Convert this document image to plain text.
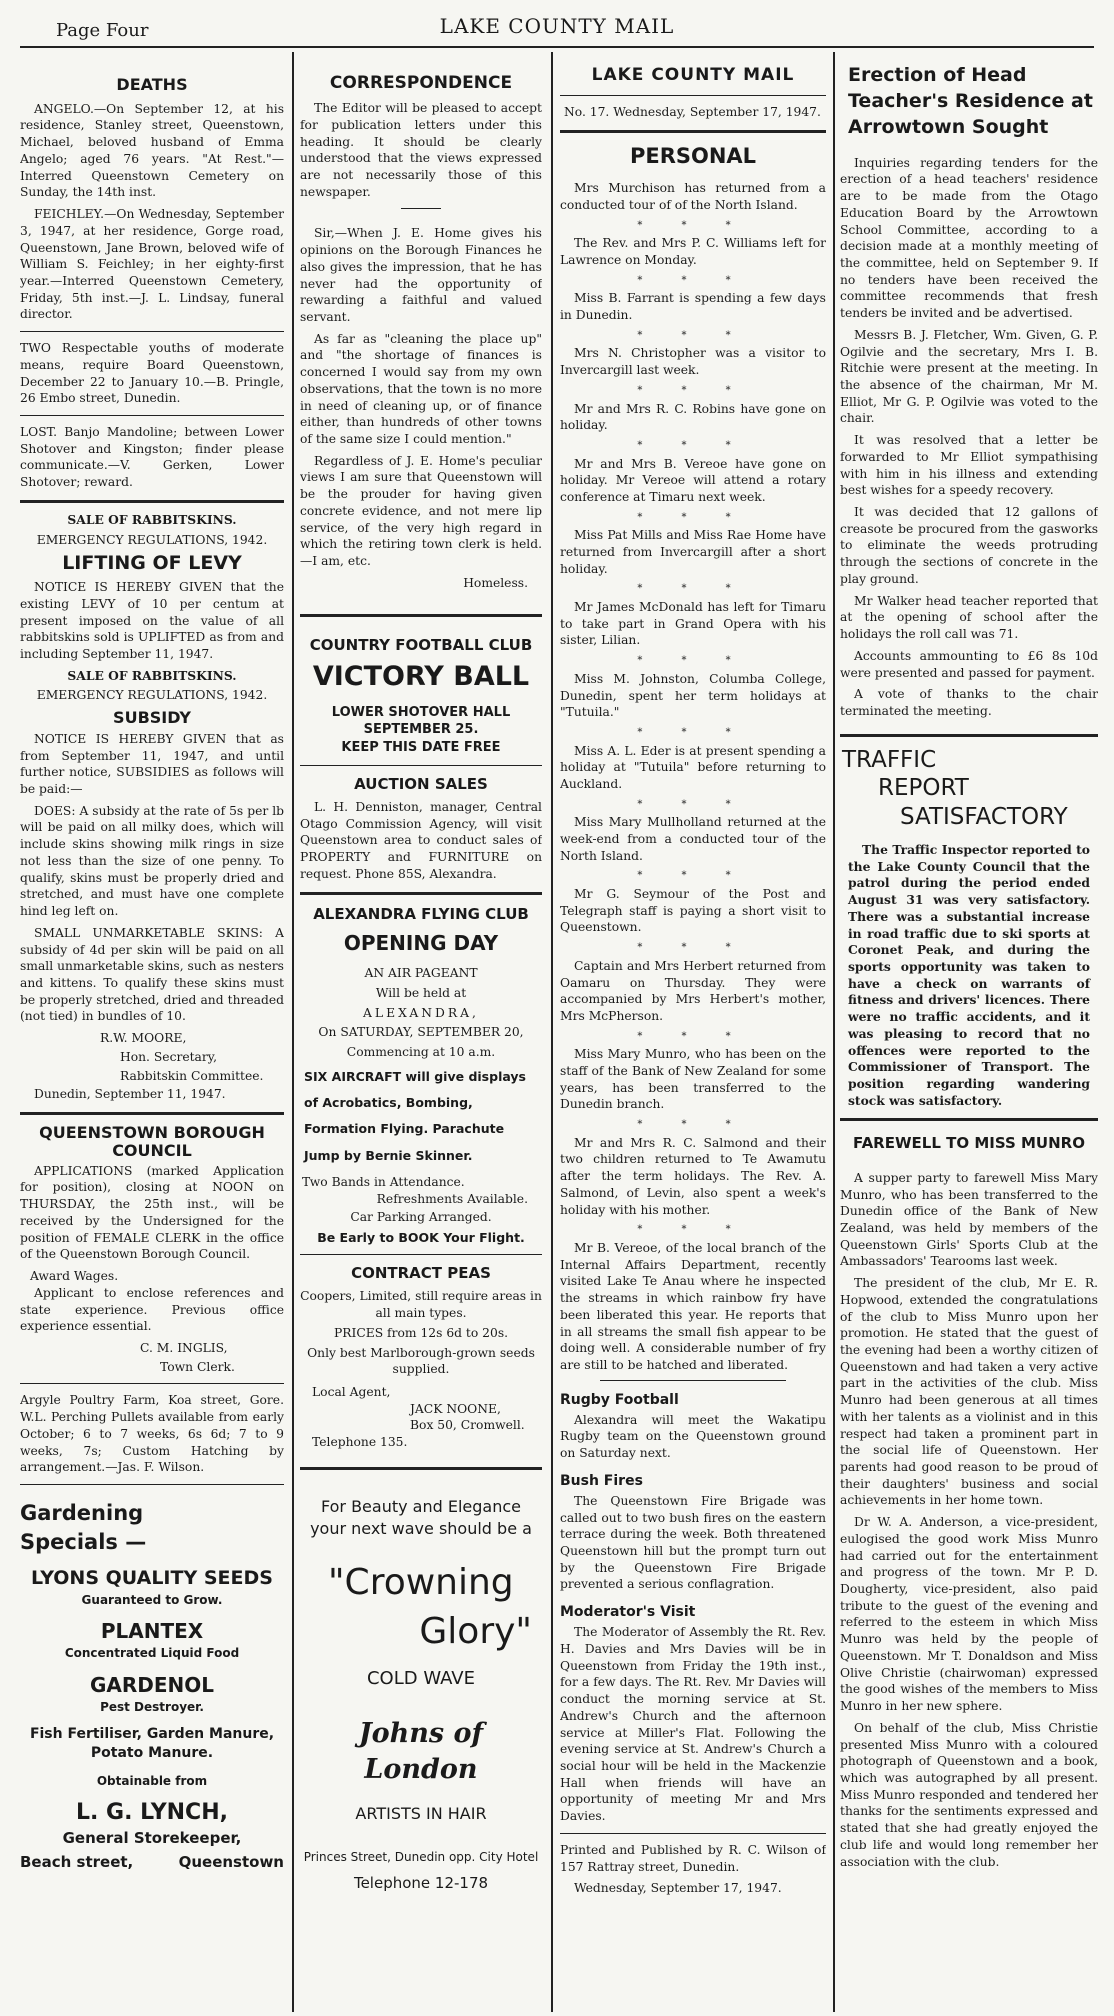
Page Four	LAKE COUNTY MAIL
DEATHS

ANGELO.—On September 12, at his residence, Stanley street, Queenstown, Michael, beloved husband of Emma Angelo; aged 76 years. "At Rest."—Interred Queenstown Cemetery on Sunday, the 14th inst.

FEICHLEY.—On Wednesday, September 3, 1947, at her residence, Gorge road, Queenstown, Jane Brown, beloved wife of William S. Feichley; in her eighty-first year.—Interred Queenstown Cemetery, Friday, 5th inst.—J. L. Lindsay, funeral director.

TWO Respectable youths of moderate means, require Board Queenstown, December 22 to January 10.—B. Pringle, 26 Embo street, Dunedin.

LOST. Banjo Mandoline; between Lower Shotover and Kingston; finder please communicate.—V. Gerken, Lower Shotover; reward.

SALE OF RABBITSKINS.
EMERGENCY REGULATIONS, 1942.
LIFTING OF LEVY

NOTICE IS HEREBY GIVEN that the existing LEVY of 10 per centum at present imposed on the value of all rabbitskins sold is UPLIFTED as from and including September 11, 1947.

SALE OF RABBITSKINS.
EMERGENCY REGULATIONS, 1942.
SUBSIDY

NOTICE IS HEREBY GIVEN that as from September 11, 1947, and until further notice, SUBSIDIES as follows will be paid:—

DOES: A subsidy at the rate of 5s per lb will be paid on all milky does, which will include skins showing milk rings in size not less than the size of one penny. To qualify, skins must be properly dried and stretched, and must have one complete hind leg left on.

SMALL UNMARKETABLE SKINS: A subsidy of 4d per skin will be paid on all small unmarketable skins, such as nesters and kittens. To qualify these skins must be properly stretched, dried and threaded (not tied) in bundles of 10.

R.W. MOORE,
Hon. Secretary,
Rabbitskin Committee.
Dunedin, September 11, 1947.
QUEENSTOWN BOROUGH COUNCIL

APPLICATIONS (marked Application for position), closing at NOON on THURSDAY, the 25th inst., will be received by the Undersigned for the position of FEMALE CLERK in the office of the Queenstown Borough Council.

Award Wages.

Applicant to enclose references and state experience. Previous office experience essential.

C. M. INGLIS,
Town Clerk.

Argyle Poultry Farm, Koa street, Gore. W.L. Perching Pullets available from early October; 6 to 7 weeks, 6s 6d; 7 to 9 weeks, 7s; Custom Hatching by arrangement.—Jas. F. Wilson.

Gardening
Specials —
LYONS QUALITY SEEDS
Guaranteed to Grow.
PLANTEX
Concentrated Liquid Food
GARDENOL
Pest Destroyer.
Fish Fertiliser, Garden Manure, Potato Manure.
Obtainable from
L. G. LYNCH,
General Storekeeper,
Beach street,	Queenstown
CORRESPONDENCE

The Editor will be pleased to accept for publication letters under this heading. It should be clearly understood that the views expressed are not necessarily those of this newspaper.

Sir,—When J. E. Home gives his opinions on the Borough Finances he also gives the impression, that he has never had the opportunity of rewarding a faithful and valued servant.

As far as "cleaning the place up" and "the shortage of finances is concerned I would say from my own observations, that the town is no more in need of cleaning up, or of finance either, than hundreds of other towns of the same size I could mention."

Regardless of J. E. Home's peculiar views I am sure that Queenstown will be the prouder for having given concrete evidence, and not mere lip service, of the very high regard in which the retiring town clerk is held.—I am, etc.

Homeless.
COUNTRY FOOTBALL CLUB
VICTORY BALL
LOWER SHOTOVER HALL
SEPTEMBER 25.
KEEP THIS DATE FREE
AUCTION SALES

L. H. Denniston, manager, Central Otago Commission Agency, will visit Queenstown area to conduct sales of PROPERTY and FURNITURE on request. Phone 85S, Alexandra.

ALEXANDRA FLYING CLUB
OPENING DAY
AN AIR PAGEANT
Will be held at
ALEXANDRA,
On SATURDAY, SEPTEMBER 20,
Commencing at 10 a.m.

SIX AIRCRAFT will give displays of Acrobatics, Bombing, Formation Flying. Parachute Jump by Bernie Skinner.

Two Bands in Attendance.
Refreshments Available.
Car Parking Arranged.
Be Early to BOOK Your Flight.
CONTRACT PEAS
Coopers, Limited, still require areas in all main types.
PRICES from 12s 6d to 20s.
Only best Marlborough-grown seeds supplied.
Local Agent,
JACK NOONE,
Box 50, Cromwell.
Telephone 135.
For Beauty and Elegance
your next wave should be a
"Crowning
Glory"
COLD WAVE
Johns of London
ARTISTS IN HAIR
Princes Street, Dunedin opp. City Hotel
Telephone 12-178
LAKE COUNTY MAIL
No. 17. Wednesday, September 17, 1947.
PERSONAL

Mrs Murchison has returned from a conducted tour of of the North Island.

* * *

The Rev. and Mrs P. C. Williams left for Lawrence on Monday.

* * *

Miss B. Farrant is spending a few days in Dunedin.

* * *

Mrs N. Christopher was a visitor to Invercargill last week.

* * *

Mr and Mrs R. C. Robins have gone on holiday.

* * *

Mr and Mrs B. Vereoe have gone on holiday. Mr Vereoe will attend a rotary conference at Timaru next week.

* * *

Miss Pat Mills and Miss Rae Home have returned from Invercargill after a short holiday.

* * *

Mr James McDonald has left for Timaru to take part in Grand Opera with his sister, Lilian.

* * *

Miss M. Johnston, Columba College, Dunedin, spent her term holidays at "Tutuila."

* * *

Miss A. L. Eder is at present spending a holiday at "Tutuila" before returning to Auckland.

* * *

Miss Mary Mullholland returned at the week-end from a conducted tour of the North Island.

* * *

Mr G. Seymour of the Post and Telegraph staff is paying a short visit to Queenstown.

* * *

Captain and Mrs Herbert returned from Oamaru on Thursday. They were accompanied by Mrs Herbert's mother, Mrs McPherson.

* * *

Miss Mary Munro, who has been on the staff of the Bank of New Zealand for some years, has been transferred to the Dunedin branch.

* * *

Mr and Mrs R. C. Salmond and their two children returned to Te Awamutu after the term holidays. The Rev. A. Salmond, of Levin, also spent a week's holiday with his mother.

* * *

Mr B. Vereoe, of the local branch of the Internal Affairs Department, recently visited Lake Te Anau where he inspected the streams in which rainbow fry have been liberated this year. He reports that in all streams the small fish appear to be doing well. A considerable number of fry are still to be hatched and liberated.

Rugby Football

Alexandra will meet the Wakatipu Rugby team on the Queenstown ground on Saturday next.

Bush Fires

The Queenstown Fire Brigade was called out to two bush fires on the eastern terrace during the week. Both threatened Queenstown hill but the prompt turn out by the Queenstown Fire Brigade prevented a serious conflagration.

Moderator's Visit

The Moderator of Assembly the Rt. Rev. H. Davies and Mrs Davies will be in Queenstown from Friday the 19th inst., for a few days. The Rt. Rev. Mr Davies will conduct the morning service at St. Andrew's Church and the afternoon service at Miller's Flat. Following the evening service at St. Andrew's Church a social hour will be held in the Mackenzie Hall when friends will have an opportunity of meeting Mr and Mrs Davies.

Printed and Published by R. C. Wilson of 157 Rattray street, Dunedin.

Wednesday, September 17, 1947.
Erection of Head Teacher's Residence at Arrowtown Sought

Inquiries regarding tenders for the erection of a head teachers' residence are to be made from the Otago Education Board by the Arrowtown School Committee, according to a decision made at a monthly meeting of the committee, held on September 9. If no tenders have been received the committee recommends that fresh tenders be invited and be advertised.

Messrs B. J. Fletcher, Wm. Given, G. P. Ogilvie and the secretary, Mrs I. B. Ritchie were present at the meeting. In the absence of the chairman, Mr M. Elliot, Mr G. P. Ogilvie was voted to the chair.

It was resolved that a letter be forwarded to Mr Elliot sympathising with him in his illness and extending best wishes for a speedy recovery.

It was decided that 12 gallons of creasote be procured from the gasworks to eliminate the weeds protruding through the sections of concrete in the play ground.

Mr Walker head teacher reported that at the opening of school after the holidays the roll call was 71.

Accounts ammounting to £6 8s 10d were presented and passed for payment.

A vote of thanks to the chair terminated the meeting.

TRAFFIC
REPORT
SATISFACTORY

The Traffic Inspector reported to the Lake County Council that the patrol during the period ended August 31 was very satisfactory. There was a substantial increase in road traffic due to ski sports at Coronet Peak, and during the sports opportunity was taken to have a check on warrants of fitness and drivers' licences. There were no traffic accidents, and it was pleasing to record that no offences were reported to the Commissioner of Transport. The position regarding wandering stock was satisfactory.

FAREWELL TO MISS MUNRO

A supper party to farewell Miss Mary Munro, who has been transferred to the Dunedin office of the Bank of New Zealand, was held by members of the Queenstown Girls' Sports Club at the Ambassadors' Tearooms last week.

The president of the club, Mr E. R. Hopwood, extended the congratulations of the club to Miss Munro upon her promotion. He stated that the guest of the evening had been a worthy citizen of Queenstown and had taken a very active part in the activities of the club. Miss Munro had been generous at all times with her talents as a violinist and in this respect had taken a prominent part in the social life of Queenstown. Her parents had good reason to be proud of their daughters' business and social achievements in her home town.

Dr W. A. Anderson, a vice-president, eulogised the good work Miss Munro had carried out for the entertainment and progress of the town. Mr P. D. Dougherty, vice-president, also paid tribute to the guest of the evening and referred to the esteem in which Miss Munro was held by the people of Queenstown. Mr T. Donaldson and Miss Olive Christie (chairwoman) expressed the good wishes of the members to Miss Munro in her new sphere.

On behalf of the club, Miss Christie presented Miss Munro with a coloured photograph of Queenstown and a book, which was autographed by all present. Miss Munro responded and tendered her thanks for the sentiments expressed and stated that she had greatly enjoyed the club life and would long remember her association with the club.
